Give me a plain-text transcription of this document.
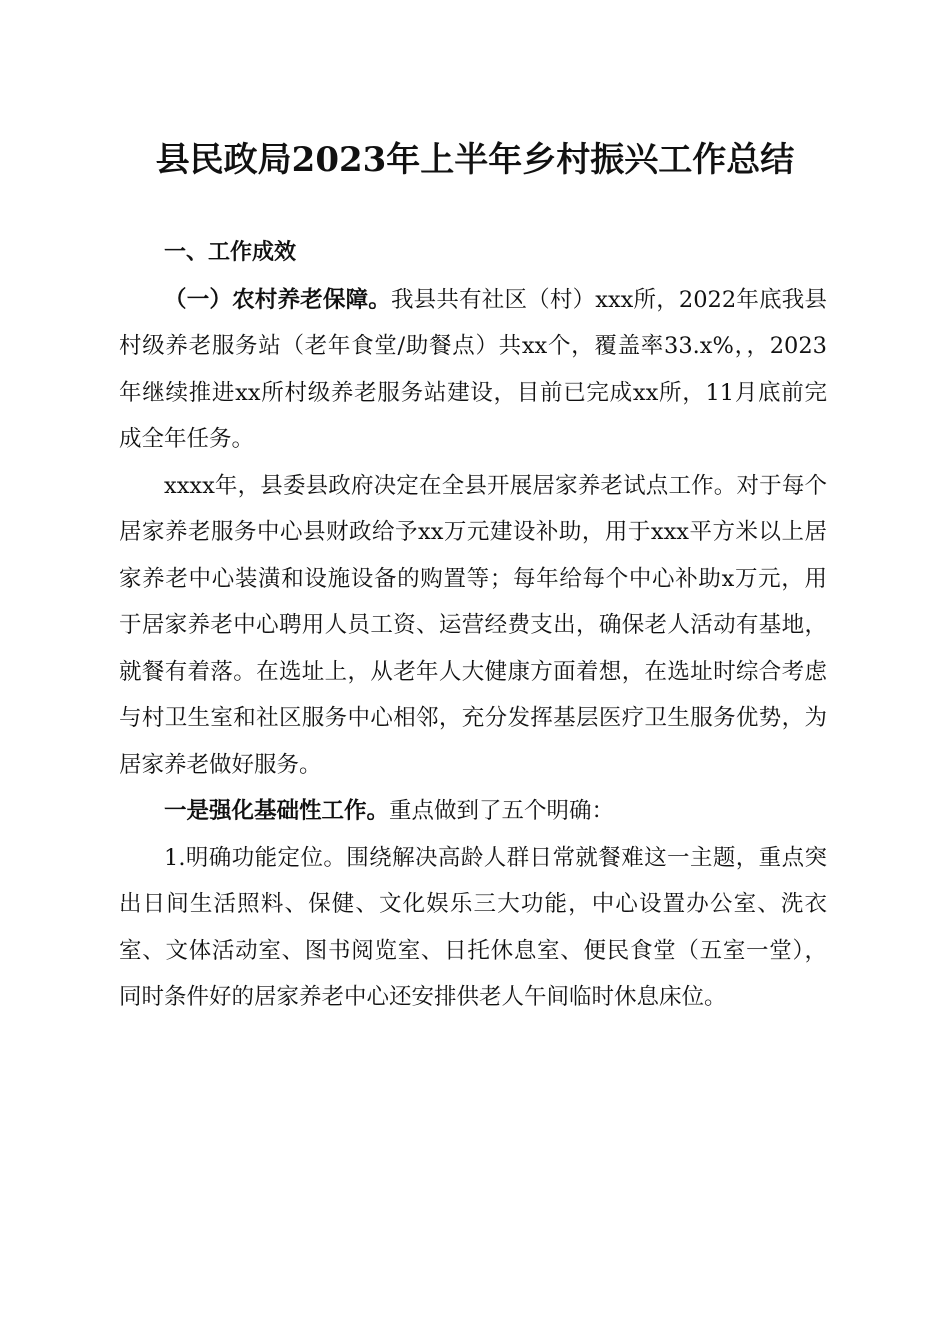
县民政局2023年上半年乡村振兴工作总结

一、工作成效

（一）农村养老保障。我县共有社区（村）xxx所，2022年底我县村级养老服务站（老年食堂/助餐点）共xx个，覆盖率33.x%，，2023年继续推进xx所村级养老服务站建设，目前已完成xx所，11月底前完成全年任务。

xxxx年，县委县政府决定在全县开展居家养老试点工作。对于每个居家养老服务中心县财政给予xx万元建设补助，用于xxx平方米以上居家养老中心装潢和设施设备的购置等；每年给每个中心补助x万元，用于居家养老中心聘用人员工资、运营经费支出，确保老人活动有基地，就餐有着落。在选址上，从老年人大健康方面着想，在选址时综合考虑与村卫生室和社区服务中心相邻，充分发挥基层医疗卫生服务优势，为居家养老做好服务。

一是强化基础性工作。重点做到了五个明确：

1.明确功能定位。围绕解决高龄人群日常就餐难这一主题，重点突出日间生活照料、保健、文化娱乐三大功能，中心设置办公室、洗衣室、文体活动室、图书阅览室、日托休息室、便民食堂（五室一堂），同时条件好的居家养老中心还安排供老人午间临时休息床位。
